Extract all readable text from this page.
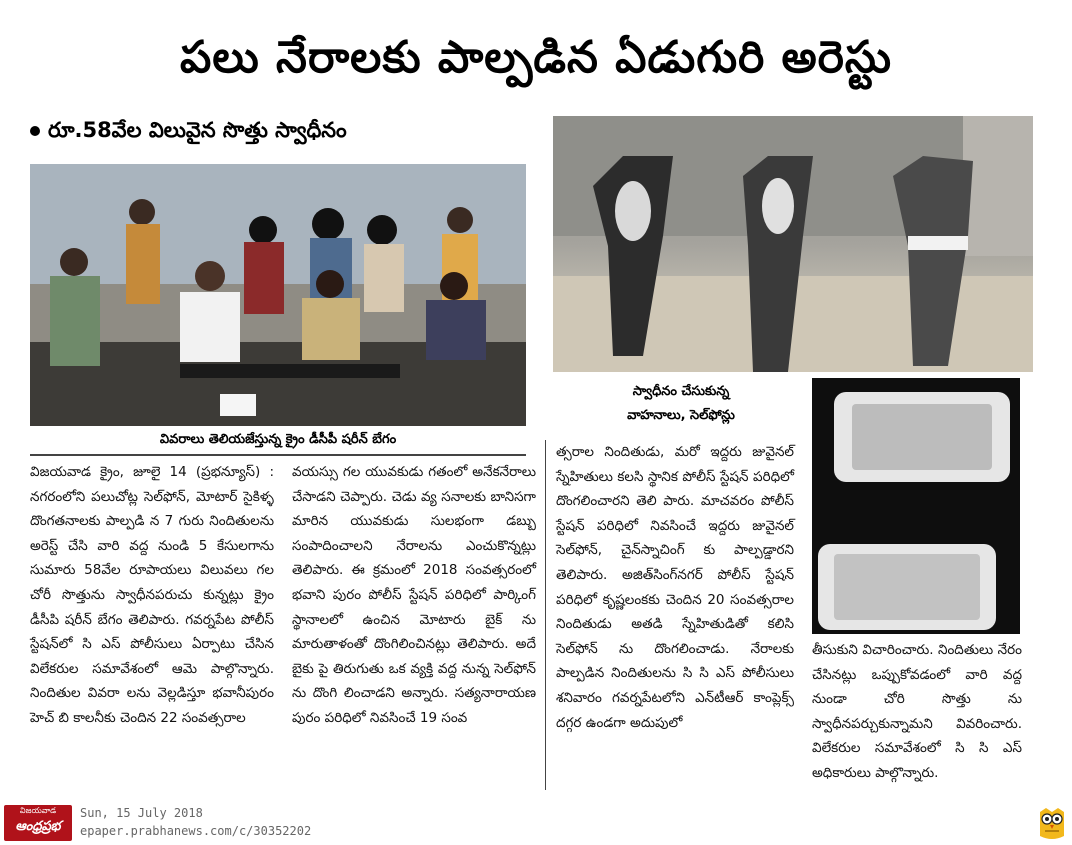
పలు నేరాలకు పాల్పడిన ఏడుగురి అరెస్టు
రూ.58వేల విలువైన సొత్తు స్వాధీనం
వివరాలు తెలియజేస్తున్న క్రైం డీసీపీ షరీన్ బేగం
స్వాధీనం చేసుకున్న
వాహనాలు, సెల్‌ఫోన్లు

విజయవాడ క్రైం, జూలై 14 (ప్రభన్యూస్) : నగరంలోని పలుచోట్ల సెల్‌ఫోన్, మోటార్ సైకిళ్ళ దొంగతనాలకు పాల్పడి న 7 గురు నిందితులను అరెస్ట్ చేసి వారి వద్ద నుండి 5 కేసులగాను సుమారు 58వేల రూపాయలు విలువలు గల చోరీ సొత్తును స్వాధీనపరుచు కున్నట్లు క్రైం డీసీపి షరీన్ బేగం తెలిపారు. గవర్నపేట పోలీస్ స్టేషన్‌లో సి ఎస్ పోలీసులు ఏర్పాటు చేసిన విలేకరుల సమావేశంలో ఆమె పాల్గొన్నారు. నిందితుల వివరా లను వెల్లడిస్తూ భవానీపురం హెచ్ బి కాలనీకు చెందిన 22 సంవత్సరాల

వయస్సు గల యువకుడు గతంలో అనేకనేరాలు చేసాడని చెప్పారు. చెడు వ్య సనాలకు బానిసగా మారిన యువకుడు సులభంగా డబ్బు సంపాదించాలని నేరాలను ఎంచుకొన్నట్లు తెలిపారు. ఈ క్రమంలో 2018 సంవత్సరంలో భవాని పురం పోలీస్ స్టేషన్ పరిధిలో పార్కింగ్ స్థానాలలో ఉంచిన మోటారు బైక్ ను మారుతాళంతో దొంగిలించినట్లు తెలిపారు. అదే బైకు పై తిరుగుతు ఒక వ్యక్తి వద్ద నున్న సెల్‌ఫోన్ ను దొంగి లించాడని అన్నారు. సత్యనారాయణ పురం పరిధిలో నివసించే 19 సంవ

త్సరాల నిందితుడు, మరో ఇద్దరు జువైనల్ స్నేహితులు కలసి స్థానిక పోలీస్ స్టేషన్ పరిధిలో దొంగలించారని తెలి పారు. మాచవరం పోలీస్ స్టేషన్ పరిధిలో నివసించే ఇద్దరు జువైనల్ సెల్‌ఫోన్, చైన్‌స్నాచింగ్ కు పాల్పడ్డారని తెలిపారు. అజిత్‌సింగ్‌నగర్ పోలీస్ స్టేషన్ పరిధిలో కృష్ణలంకకు చెందిన 20 సంవత్సరాల నిందితుడు అతడి స్నేహితుడితో కలిసి సెల్‌ఫోన్ ను దొంగలించాడు. నేరాలకు పాల్పడిన నిందితులను సి సి ఎస్ పోలీసులు శనివారం గవర్నపేటలోని ఎన్‌టీఆర్ కాంప్లెక్స్ దగ్గర ఉండగా అదుపులో

తీసుకుని విచారించారు. నిందితులు నేరం చేసినట్లు ఒప్పుకోవడంలో వారి వద్ద నుండా చోరి సొత్తు ను స్వాధీనపర్చుకున్నామని వివరించారు. విలేకరుల సమావేశంలో సి సి ఎస్ అధికారులు పాల్గొన్నారు.

విజయవాడ
ఆంధ్రప్రభ
Sun, 15 July 2018
epaper.prabhanews.com/c/30352202
